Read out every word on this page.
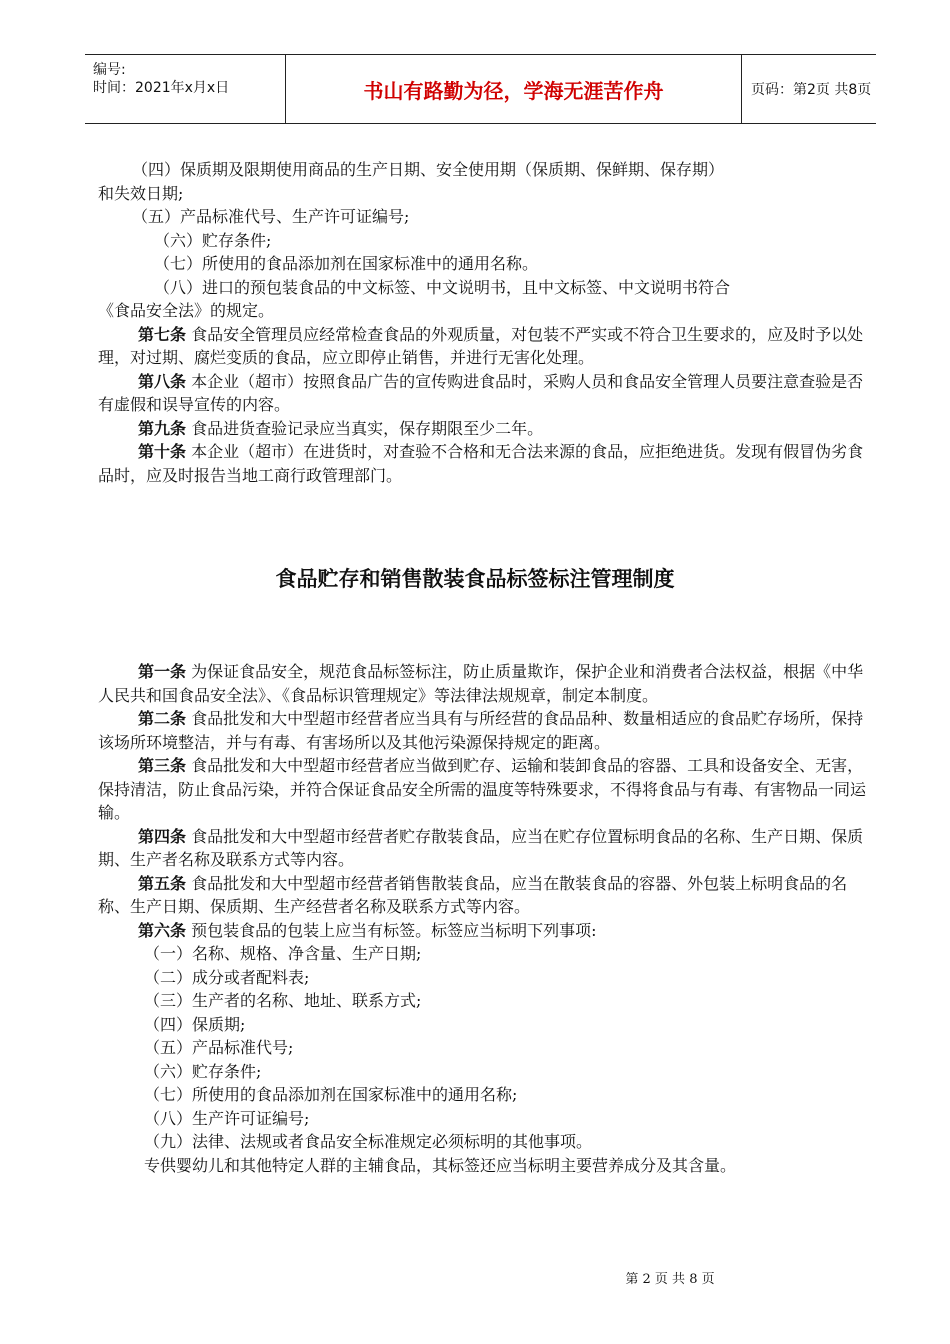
编号:
时间：2021年x月x日	书山有路勤为径，学海无涯苦作舟	页码：第2页 共8页

（四）保质期及限期使用商品的生产日期、安全使用期（保质期、保鲜期、保存期）

和失效日期;

（五）产品标准代号、生产许可证编号;

（六）贮存条件;

（七）所使用的食品添加剂在国家标准中的通用名称。

（八）进口的预包装食品的中文标签、中文说明书，且中文标签、中文说明书符合

《食品安全法》的规定。

第七条 食品安全管理员应经常检查食品的外观质量，对包装不严实或不符合卫生要求的，应及时予以处理，对过期、腐烂变质的食品，应立即停止销售，并进行无害化处理。

第八条 本企业（超市）按照食品广告的宣传购进食品时，采购人员和食品安全管理人员要注意查验是否有虚假和误导宣传的内容。

第九条 食品进货查验记录应当真实，保存期限至少二年。

第十条 本企业（超市）在进货时，对查验不合格和无合法来源的食品，应拒绝进货。发现有假冒伪劣食品时，应及时报告当地工商行政管理部门。

食品贮存和销售散装食品标签标注管理制度

第一条 为保证食品安全，规范食品标签标注，防止质量欺诈，保护企业和消费者合法权益，根据《中华人民共和国食品安全法》、《食品标识管理规定》等法律法规规章，制定本制度。

第二条 食品批发和大中型超市经营者应当具有与所经营的食品品种、数量相适应的食品贮存场所，保持该场所环境整洁，并与有毒、有害场所以及其他污染源保持规定的距离。

第三条 食品批发和大中型超市经营者应当做到贮存、运输和装卸食品的容器、工具和设备安全、无害，保持清洁，防止食品污染，并符合保证食品安全所需的温度等特殊要求，不得将食品与有毒、有害物品一同运输。

第四条 食品批发和大中型超市经营者贮存散装食品，应当在贮存位置标明食品的名称、生产日期、保质期、生产者名称及联系方式等内容。

第五条 食品批发和大中型超市经营者销售散装食品，应当在散装食品的容器、外包装上标明食品的名称、生产日期、保质期、生产经营者名称及联系方式等内容。

第六条 预包装食品的包装上应当有标签。标签应当标明下列事项:

（一）名称、规格、净含量、生产日期;

（二）成分或者配料表;

（三）生产者的名称、地址、联系方式;

（四）保质期;

（五）产品标准代号;

（六）贮存条件;

（七）所使用的食品添加剂在国家标准中的通用名称;

（八）生产许可证编号;

（九）法律、法规或者食品安全标准规定必须标明的其他事项。

专供婴幼儿和其他特定人群的主辅食品，其标签还应当标明主要营养成分及其含量。

第 2 页 共 8 页
